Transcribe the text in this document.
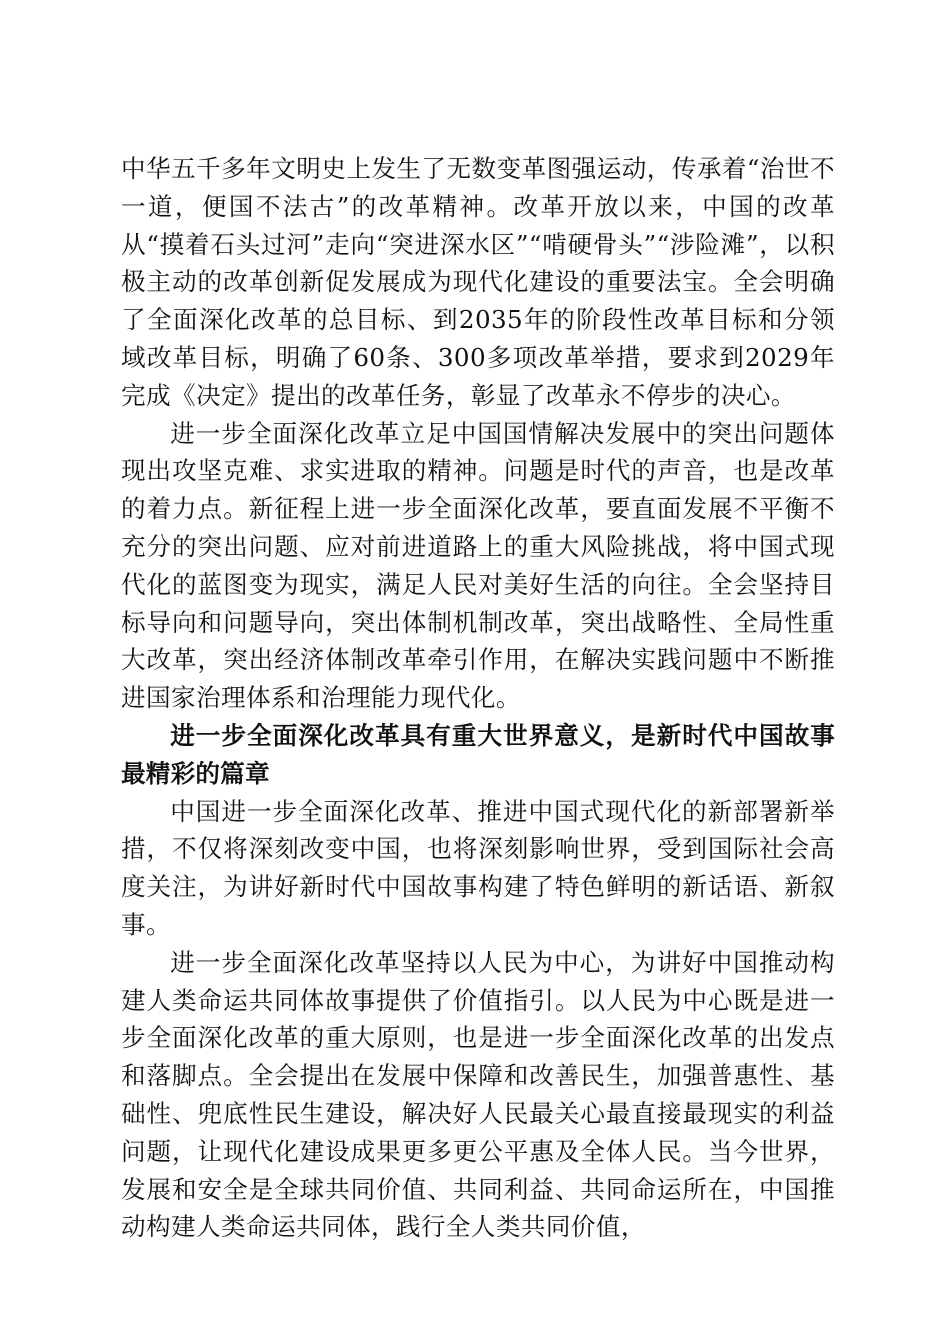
中华五千多年文明史上发生了无数变革图强运动，传承着“治世不一道，便国不法古”的改革精神。改革开放以来，中国的改革从“摸着石头过河”走向“突进深水区”“啃硬骨头”“涉险滩”，以积极主动的改革创新促发展成为现代化建设的重要法宝。全会明确了全面深化改革的总目标、到2035年的阶段性改革目标和分领域改革目标，明确了60条、300多项改革举措，要求到2029年完成《决定》提出的改革任务，彰显了改革永不停步的决心。

进一步全面深化改革立足中国国情解决发展中的突出问题体现出攻坚克难、求实进取的精神。问题是时代的声音，也是改革的着力点。新征程上进一步全面深化改革，要直面发展不平衡不充分的突出问题、应对前进道路上的重大风险挑战，将中国式现代化的蓝图变为现实，满足人民对美好生活的向往。全会坚持目标导向和问题导向，突出体制机制改革，突出战略性、全局性重大改革，突出经济体制改革牵引作用，在解决实践问题中不断推进国家治理体系和治理能力现代化。

进一步全面深化改革具有重大世界意义，是新时代中国故事最精彩的篇章

中国进一步全面深化改革、推进中国式现代化的新部署新举措，不仅将深刻改变中国，也将深刻影响世界，受到国际社会高度关注，为讲好新时代中国故事构建了特色鲜明的新话语、新叙事。

进一步全面深化改革坚持以人民为中心，为讲好中国推动构建人类命运共同体故事提供了价值指引。以人民为中心既是进一步全面深化改革的重大原则，也是进一步全面深化改革的出发点和落脚点。全会提出在发展中保障和改善民生，加强普惠性、基础性、兜底性民生建设，解决好人民最关心最直接最现实的利益问题，让现代化建设成果更多更公平惠及全体人民。当今世界，发展和安全是全球共同价值、共同利益、共同命运所在，中国推动构建人类命运共同体，践行全人类共同价值，
